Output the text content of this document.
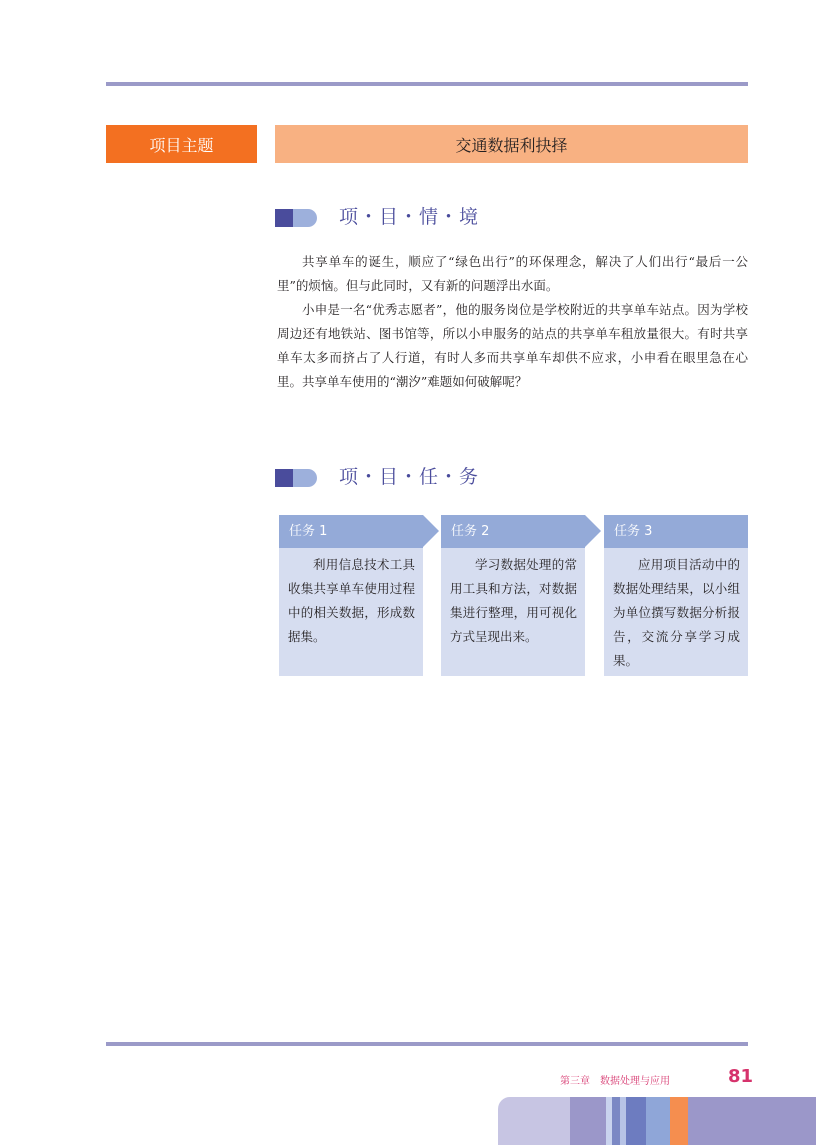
项目主题	交通数据利抉择
项・目・情・境

共享单车的诞生，顺应了“绿色出行”的环保理念，解决了人们出行“最后一公里”的烦恼。但与此同时，又有新的问题浮出水面。

小申是一名“优秀志愿者”，他的服务岗位是学校附近的共享单车站点。因为学校周边还有地铁站、图书馆等，所以小申服务的站点的共享单车租放量很大。有时共享单车太多而挤占了人行道，有时人多而共享单车却供不应求，小申看在眼里急在心里。共享单车使用的“潮汐”难题如何破解呢？

项・目・任・务
任务 1
利用信息技术工具收集共享单车使用过程中的相关数据，形成数据集。
任务 2
学习数据处理的常用工具和方法，对数据集进行整理，用可视化方式呈现出来。
任务 3
应用项目活动中的数据处理结果，以小组为单位撰写数据分析报告，交流分享学习成果。
第三章　数据处理与应用	81
